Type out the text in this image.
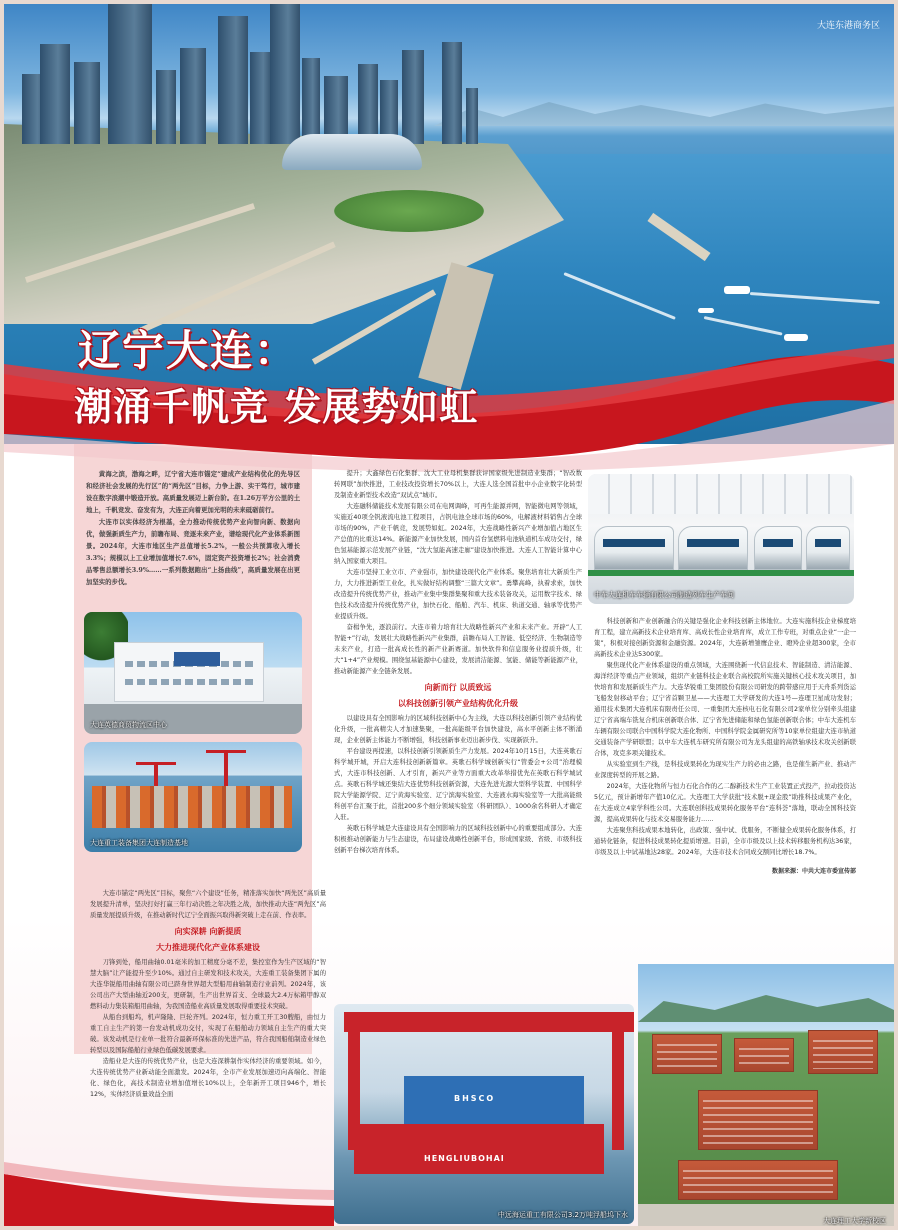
大连东港商务区
辽宁大连：
潮涌千帆竞 发展势如虹

黄海之滨，渤海之畔，辽宁省大连市锚定“建成产业结构优化的先导区和经济社会发展的先行区”的“两先区”目标，力争上游、实干笃行，城市建设在数字浪潮中锻造开放。高质量发展迈上新台阶。在1.26万平方公里的土地上，千帆竞发、奋发有为，大连正向着更加光明的未来砥砺前行。

大连市以实体经济为根基，全力推动传统优势产业向智向新、数据向优，做强新质生产力，前瞻布局、竞逐未来产业，谱绘现代化产业体系新图景。2024年，大连市地区生产总值增长5.2%，一般公共预算收入增长3.3%；规模以上工业增加值增长7.6%，固定资产投资增长2%；社会消费品零售总额增长3.9%……一系列数据跑出“上扬曲线”，高质量发展在出更加坚实的步伐。

大连英德商贸物流区中心
大连重工装备集团大连制造基地

大连市锚定“两先区”目标，聚焦“六个建设”任务，精准落实加快“两先区”高质量发展提升清单，坚决打好打赢三年行动决胜之年决胜之战，加快推动大连“两先区”高质量发展提质升级，在推动新时代辽宁全面振兴取得新突破上走在前、作表率。

向实深耕 向新提质

大力推进现代化产业体系建设

刀锋到处，船用曲轴0.01毫米的加工精度分毫不差，集控室作为生产区域的“智慧大脑”让产能提升至少10%。通过自主研发和技术攻关，大连重工装备集团下属的大连华锐船用曲轴有限公司已跻身世界超大型船用曲轴制造行业前列。2024年，该公司出产大型曲轴近200支，更研制，生产出世界首支、全球最大2.4万标箱甲醇双燃料动力集装箱船用曲轴，为我国造船业高质量发展取得重要技术突破。

从船台到船坞，机声隆隆、巨轮齐列。2024年，恒力重工开工30艘船，由恒力重工自主生产的第一台发动机成功交付，实现了在船舶动力领域自主生产的重大突破。该发动机是行业单一批符合最新环保标准的先进产品，符合我国船舶制造业绿色转型以及国际船舶行业绿色低碳发展要求。

造船业是大连的传统优势产业，也是大连深耕制作实体经济的重要领域。如今，大连传统优势产业新动能全面激发。2024年，全市产业发展加速迈向高端化、智能化、绿色化，高技术制造业增加值增长10%以上，全年新开工项目946个，增长12%，实体经济质量效益全面

提升；大鑫绿色石化集群、沈大工业母机集群获评国家级先进制造业集群；“智改数转网联”加快推进，工业技改投资增长70%以上，大连人选全国首批中小企业数字化转型及制造业新型技术改造“双试点”城市。

大连融科储能技术发展有限公司在电网调峰，可再生能源并网，智能微电网等领域，实施近40项全钒液流电池工程项目，占钒电池全球市场的60%，电解液材料销售占全球市场的90%，产业千帆竞，发展势如虹。2024年，大连战略性新兴产业增加值占地区生产总值的比重达14%。新能源产业加快发展，国内首台氢燃料电池轨道机车成功交付，绿色氢基能源示范发展产业链，“沈大氢能高速走廊”建设加快推进。大连人工智能计算中心纳入国家重大项目。

大连市坚持工业立市、产业强市，加快建设现代化产业体系。聚焦培育壮大新质生产力，大力推进新型工业化，扎实做好结构调整“三篇大文章”。勇攀高峰，执着求索，加快改造提升传统优势产业，推动产业集中集群集聚和重大技术装备攻关，运用数字技术、绿色技术改造提升传统优势产业，加快石化、船舶、汽车、机床、轨道交通、轴承等优势产业提质升级。

奋楫争先，逐浪前行。大连市着力培育壮大战略性新兴产业和未来产业。开辟“人工智能+”行动，发展壮大战略性新兴产业集群，前瞻布局人工智能、低空经济、生物制造等未来产业，打造一批高成长性的新产业新赛道。加快软件和信息服务业提质升级，壮大“1+4”产业规模。围绕氢基能源中心建设，发展清洁能源、氢能、储能等新能源产业，推动新能源产业全链条发展。

向新而行 以质致远

以科技创新引领产业结构优化升级

以建设具有全国影响力的区域科技创新中心为主线，大连以科技创新引领产业结构优化升级，一批高精尖人才加速集聚，一批高能级平台加快建设，高水平创新主体不断涌现，企业创新主体能力不断增强，科技创新事业迈出新步伐、实现新跃升。

平台建设再提速，以科技创新引领新质生产力发展。2024年10月15日，大连英歌石科学城开城，开启大连科技创新新篇章。英歌石科学城创新实行“管委会+公司”治理模式，大连市科技创新、人才引育，新兴产业等方面重大改革举措优先在英歌石科学城试点。英歌石科学城还集结大连优势科技创新资源，大连先进光源大型科学装置、中国科学院大学能源学院、辽宁黄海实验室、辽宁滨海实验室、大连液水海实验室等一大批高能级科创平台汇聚于此，首批200多个细分领域实验室（科研团队）、1000余名科研人才确定入驻。

英歌石科学城是大连建设具有全国影响力的区域科技创新中心的重要组成部分。大连积极推动创新能力与生态建设，布局建设战略性创新平台，形成国家级、省级、市级科技创新平台梯次培育体系。

中车大连机车车辆有限公司制造列车生产车间

科技创新和产业创新融合的关键是强化企业科技创新主体地位。大连实施科技企业梯度培育工程，建立高新技术企业培育库、高成长性企业培育库，成立工作专班，对重点企业“一企一策”，积极对接创新资源和金融资源。2024年，大连新增雏鹰企业、瞪羚企业超300家，全市高新技术企业达5300家。

聚焦现代化产业体系建设的重点领域，大连围绕新一代信息技术、智能制造、清洁能源、海洋经济等重点产业领域，组织产业链科技企业联合高校院所实施关键核心技术攻关项目，加快培育和发展新质生产力。大连华锐重工集团股份有限公司研发的跨带感应用于天舟系列货运飞船发射移动平台；辽宁省首颗卫星——大连理工大学研发的大连1号—连理卫星成功发射；通用技术集团大连机床有限责任公司、一重集团大连核电石化有限公司2家单位分别牵头组建辽宁省高端车铣复合机床创新联合体、辽宁省先进储能和绿色氢能创新联合体；中车大连机车车辆有限公司联合中国科学院大连化物所、中国科学院金属研究所等10家单位组建大连市轨道交通装备产学研联盟；以中车大连机车研究所有限公司为龙头组建的高铁轴承技术攻关创新联合体，攻克多项关键技术。

从实验室到生产线，是科技成果转化为现实生产力的必由之路，也是催生新产业、推动产业深度转型的开展之路。

2024年，大连化物所与恒力石化合作的乙二醇新技术生产工业装置正式投产，拉动投资达5亿元，预计新增年产值10亿元。大连理工大学获批“技术脱+现金股”助推科技成果产业化，在大连成立4家学科性公司。大连联创科技成果转化服务平台“连科荟”落地，联动全国科技资源，提高成果转化与技术交易服务能力……

大连聚焦科技成果本地转化，出政策、强中试、优服务，不断健全成果转化服务体系，打通转化链条，促进科技成果转化提质增速。目前，全市市级及以上技术转移服务机构达36家，市级及以上中试基地达28家。2024年，大连市技术合同成交额同比增长18.7%。

数据来源：中共大连市委宣传部

BHSCO
HENGLIUBOHAI
中远海运重工有限公司3.2万吨浮船坞下水
大连理工大学新校区
